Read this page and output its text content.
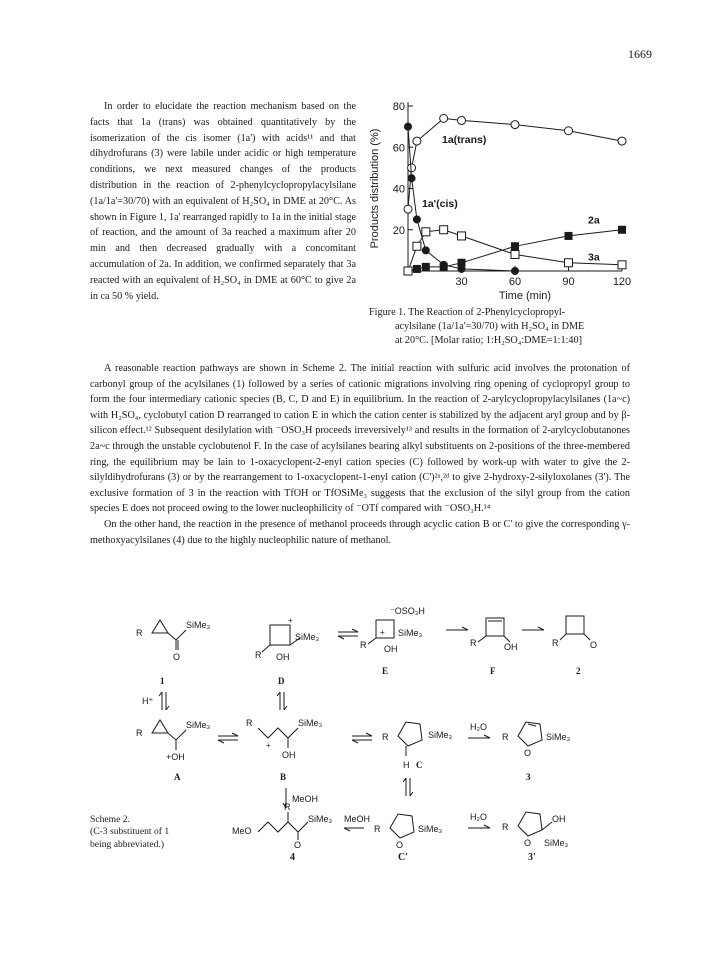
1669

In order to elucidate the reaction mechanism based on the facts that 1a (trans) was obtained quantitatively by the isomerization of the cis isomer (1a') with acids¹¹ and that dihydrofurans (3) were labile under acidic or high temperature conditions, we next measured changes of the products distribution in the reaction of 2-phenylcyclopropylacylsilane (1a/1a'=30/70) with an equivalent of H₂SO₄ in DME at 20°C. As shown in Figure 1, 1a' rearranged rapidly to 1a in the initial stage of reaction, and the amount of 3a reached a maximum after 20 min and then decreased gradually with a concomitant accumulation of 2a. In addition, we confirmed separately that 3a reacted with an equivalent of H₂SO₄ in DME at 60°C to give 2a in ca 50 % yield.

20
40
60
80
30	60	90	120
Time (min)
Products distribution (%)	1a(trans)
1a'(cis)
2a
3a
Figure 1. The Reaction of 2-Phenylcyclopropyl-
acylsilane (1a/1a'=30/70) with H₂SO₄ in DME
at 20°C. [Molar ratio; 1:H₂SO₄:DME=1:1:40]

A reasonable reaction pathways are shown in Scheme 2. The initial reaction with sulfuric acid involves the protonation of carbonyl group of the acylsilanes (1) followed by a series of cationic migrations involving ring opening of cyclopropyl group to form the four intermediary cationic species (B, C, D and E) in equilibrium. In the reaction of 2-arylcyclopropylacylsilanes (1a~c) with H₂SO₄, cyclobutyl cation D rearranged to cation E in which the cation center is stabilized by the adjacent aryl group and by β-silicon effect.¹² Subsequent desilylation with ⁻OSO₃H proceeds irreversively¹³ and results in the formation of 2-arylcyclobutanones 2a~c through the unstable cyclobutenol F. In the case of acylsilanes bearing alkyl substituents on 2-positions of the three-membered ring, the equilibrium may be lain to 1-oxacyclopent-2-enyl cation species (C) followed by work-up with water to give the 2-silyldihydrofurans (3) or by the rearrangement to 1-oxacyclopent-1-enyl cation (C')²ᵃ,²ᵈ to give 2-hydroxy-2-silyloxolanes (3'). The exclusive formation of 3 in the reaction with TfOH or TfOSiMe₃ suggests that the exclusion of the silyl group from the cation species E does not proceed owing to the lower nucleophilicity of ⁻OTf compared with ⁻OSO₃H.¹⁴

On the other hand, the reaction in the presence of methanol proceeds through acyclic cation B or C' to give the corresponding γ-methoxyacylsilanes (4) due to the highly nucleophilic nature of methanol.

R
SiMe₃
O
1
+
R
SiMe₃
OH
D
⁻OSO₃H
R
+ SiMe₃
OH
E
R	OH
F
R	O
2
H⁺
R
SiMe₃
+OH
A
R	SiMe₃
+
OH
B
R	SiMe₃
H C
H₂O
R	SiMe₃
O
3
MeOH
MeO
R
SiMe₃
O
MeOH
R	SiMe₃
O
H₂O
R
OH
O SiMe₃
4	C'	3'
Scheme 2.
(C-3 substituent of 1
being abbreviated.)
